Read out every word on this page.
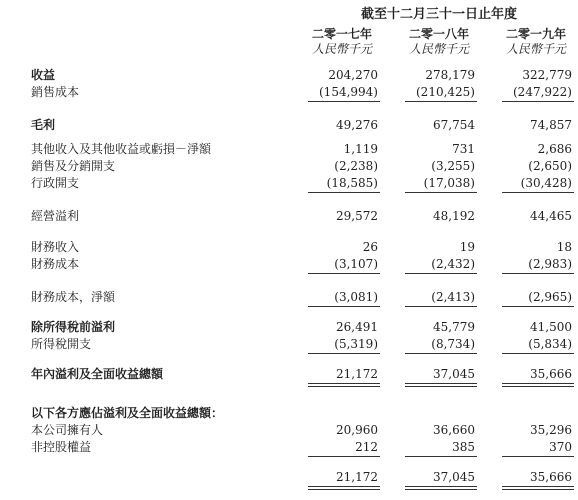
截至十二月三十一日止年度
二零一七年	二零一八年	二零一九年
人民幣千元	人民幣千元	人民幣千元
收益	204,270	278,179	322,779
銷售成本	(154,994)	(210,425)	(247,922)
毛利	49,276	67,754	74,857
其他收入及其他收益或虧損－淨額	1,119	731	2,686
銷售及分銷開支	(2,238)	(3,255)	(2,650)
行政開支	(18,585)	(17,038)	(30,428)
經營溢利	29,572	48,192	44,465
財務收入	26	19	18
財務成本	(3,107)	(2,432)	(2,983)
財務成本，淨額	(3,081)	(2,413)	(2,965)
除所得稅前溢利	26,491	45,779	41,500
所得稅開支	(5,319)	(8,734)	(5,834)
年內溢利及全面收益總額	21,172	37,045	35,666
以下各方應佔溢利及全面收益總額：
本公司擁有人	20,960	36,660	35,296
非控股權益	212	385	370
21,172	37,045	35,666
